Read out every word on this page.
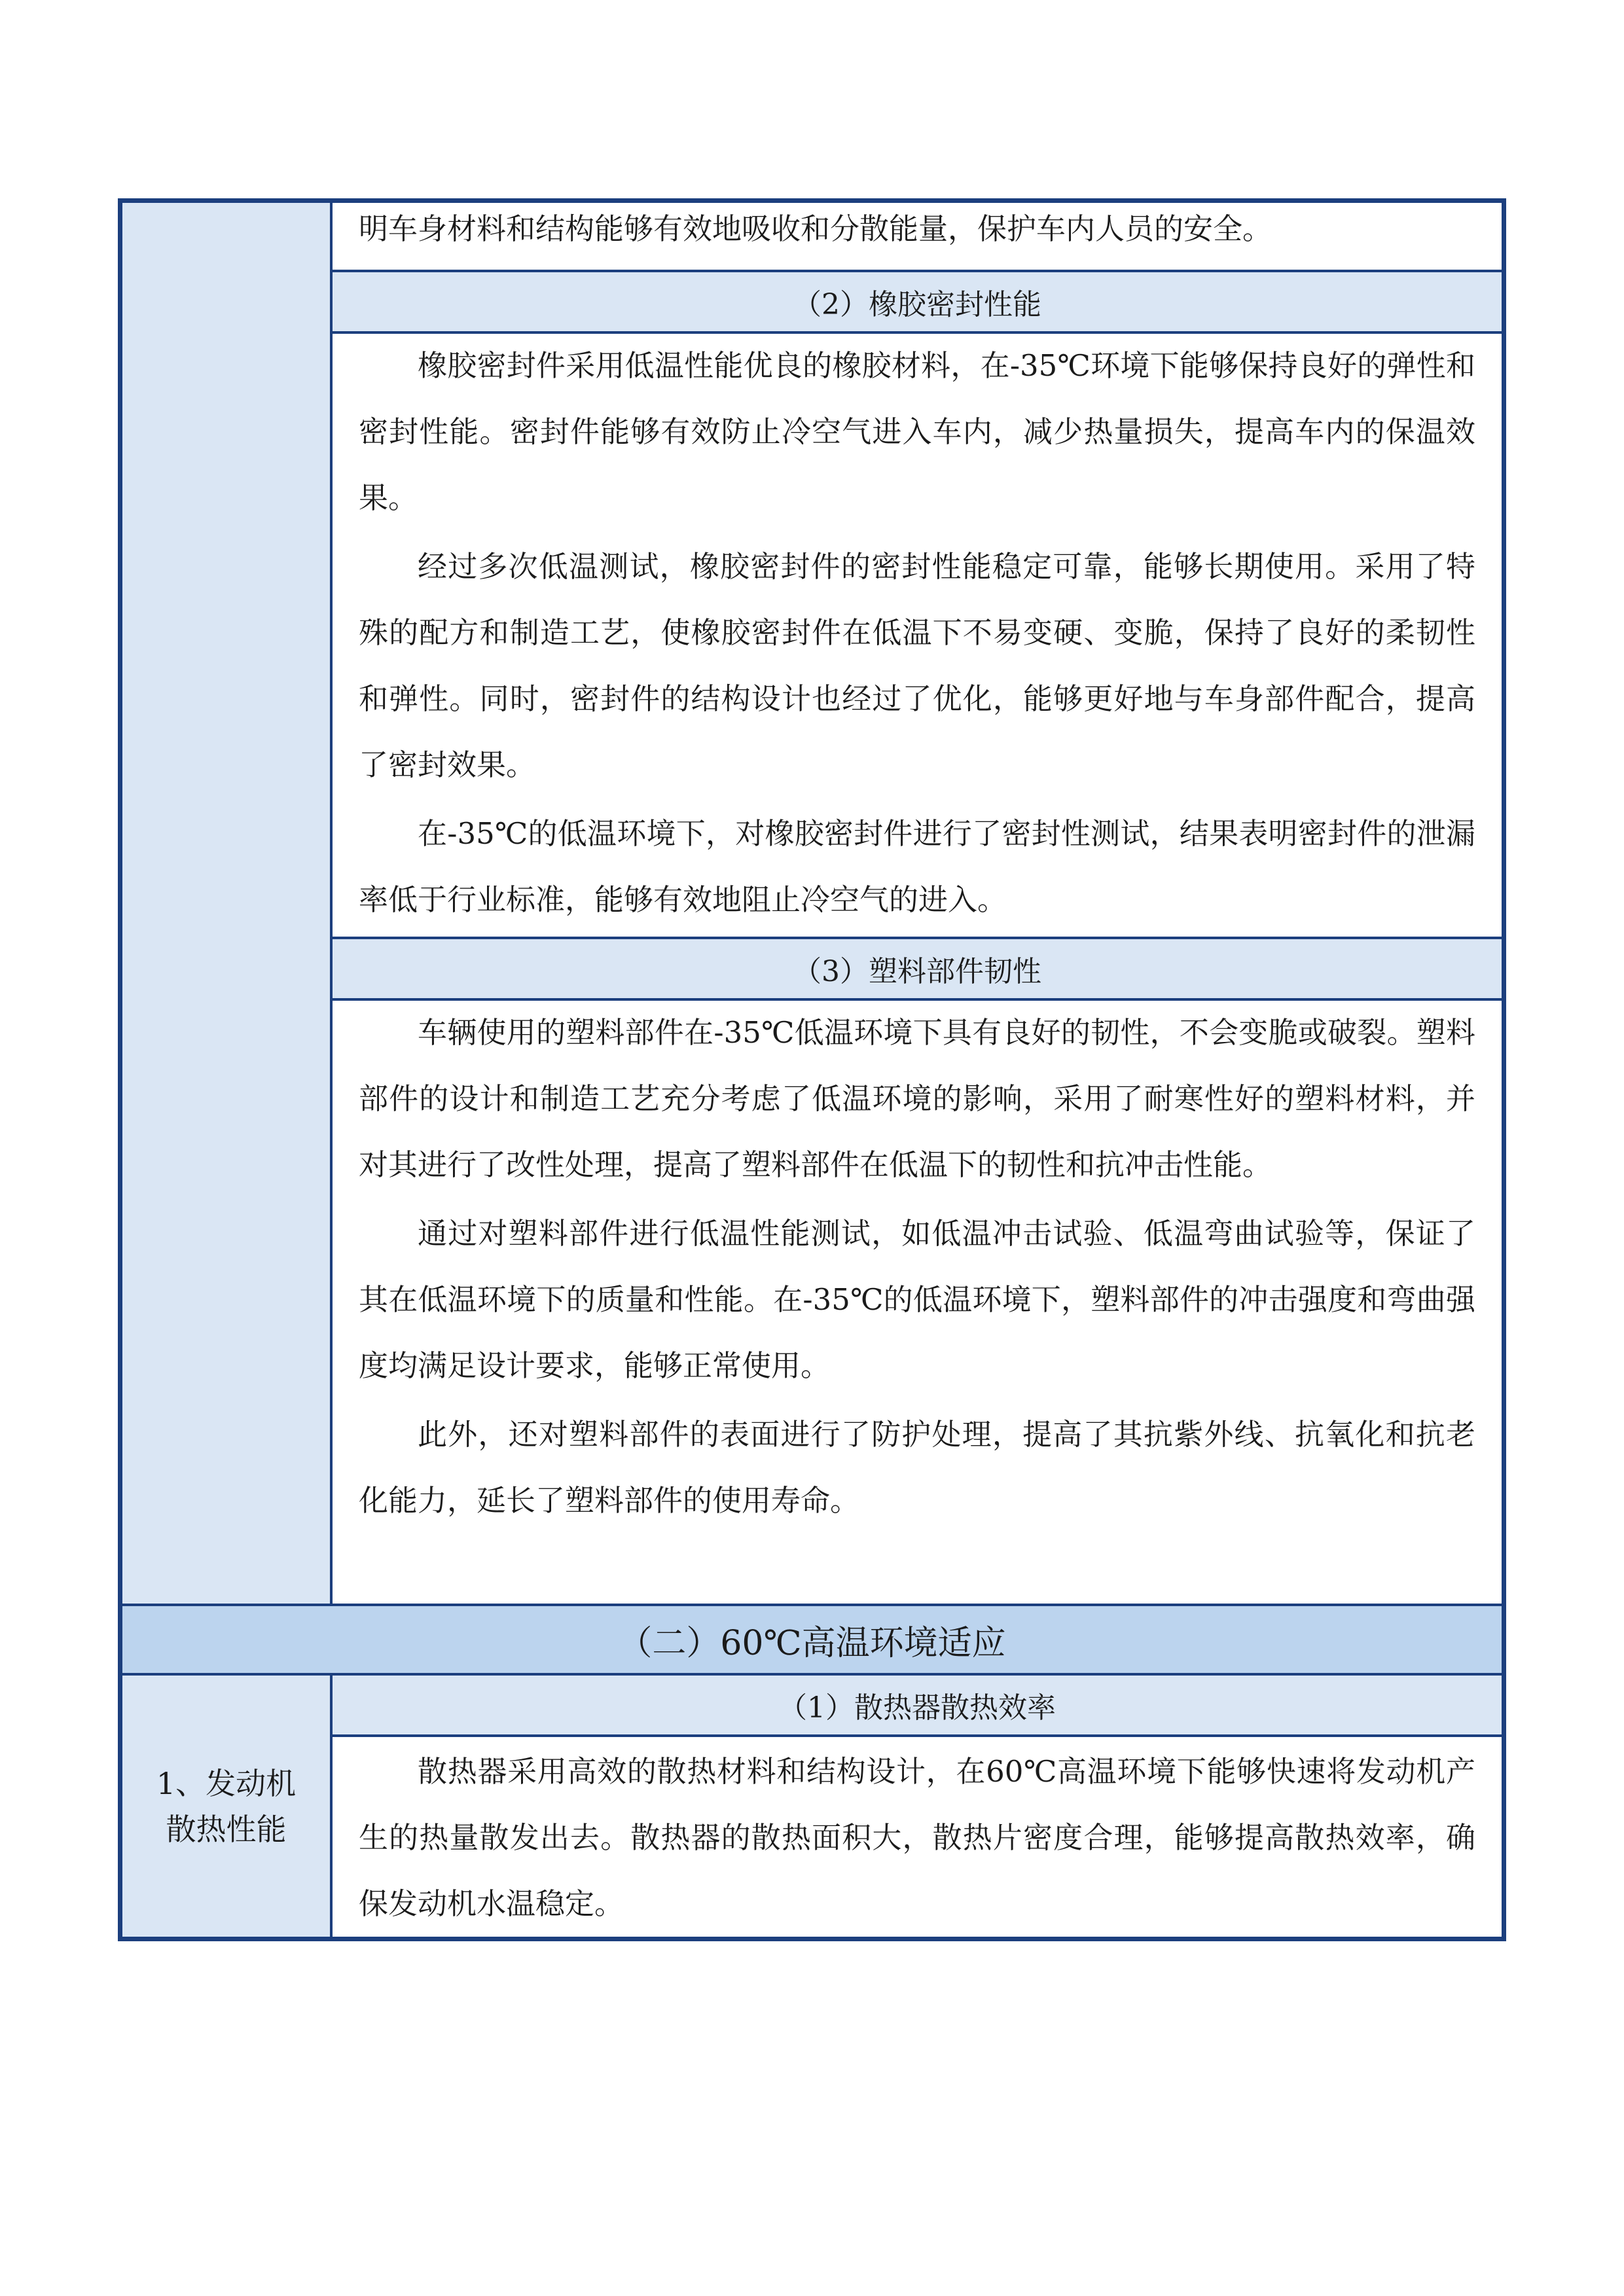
明车身材料和结构能够有效地吸收和分散能量，保护车内人员的安全。

（2）橡胶密封性能

橡胶密封件采用低温性能优良的橡胶材料，在-35℃环境下能够保持良好的弹性和密封性能。密封件能够有效防止冷空气进入车内，减少热量损失，提高车内的保温效果。

经过多次低温测试，橡胶密封件的密封性能稳定可靠，能够长期使用。采用了特殊的配方和制造工艺，使橡胶密封件在低温下不易变硬、变脆，保持了良好的柔韧性和弹性。同时，密封件的结构设计也经过了优化，能够更好地与车身部件配合，提高了密封效果。

在-35℃的低温环境下，对橡胶密封件进行了密封性测试，结果表明密封件的泄漏率低于行业标准，能够有效地阻止冷空气的进入。

（3）塑料部件韧性

车辆使用的塑料部件在-35℃低温环境下具有良好的韧性，不会变脆或破裂。塑料部件的设计和制造工艺充分考虑了低温环境的影响，采用了耐寒性好的塑料材料，并对其进行了改性处理，提高了塑料部件在低温下的韧性和抗冲击性能。

通过对塑料部件进行低温性能测试，如低温冲击试验、低温弯曲试验等，保证了其在低温环境下的质量和性能。在-35℃的低温环境下，塑料部件的冲击强度和弯曲强度均满足设计要求，能够正常使用。

此外，还对塑料部件的表面进行了防护处理，提高了其抗紫外线、抗氧化和抗老化能力，延长了塑料部件的使用寿命。

（二）60℃高温环境适应
1、发动机散热性能
（1）散热器散热效率

散热器采用高效的散热材料和结构设计，在60℃高温环境下能够快速将发动机产生的热量散发出去。散热器的散热面积大，散热片密度合理，能够提高散热效率，确保发动机水温稳定。
